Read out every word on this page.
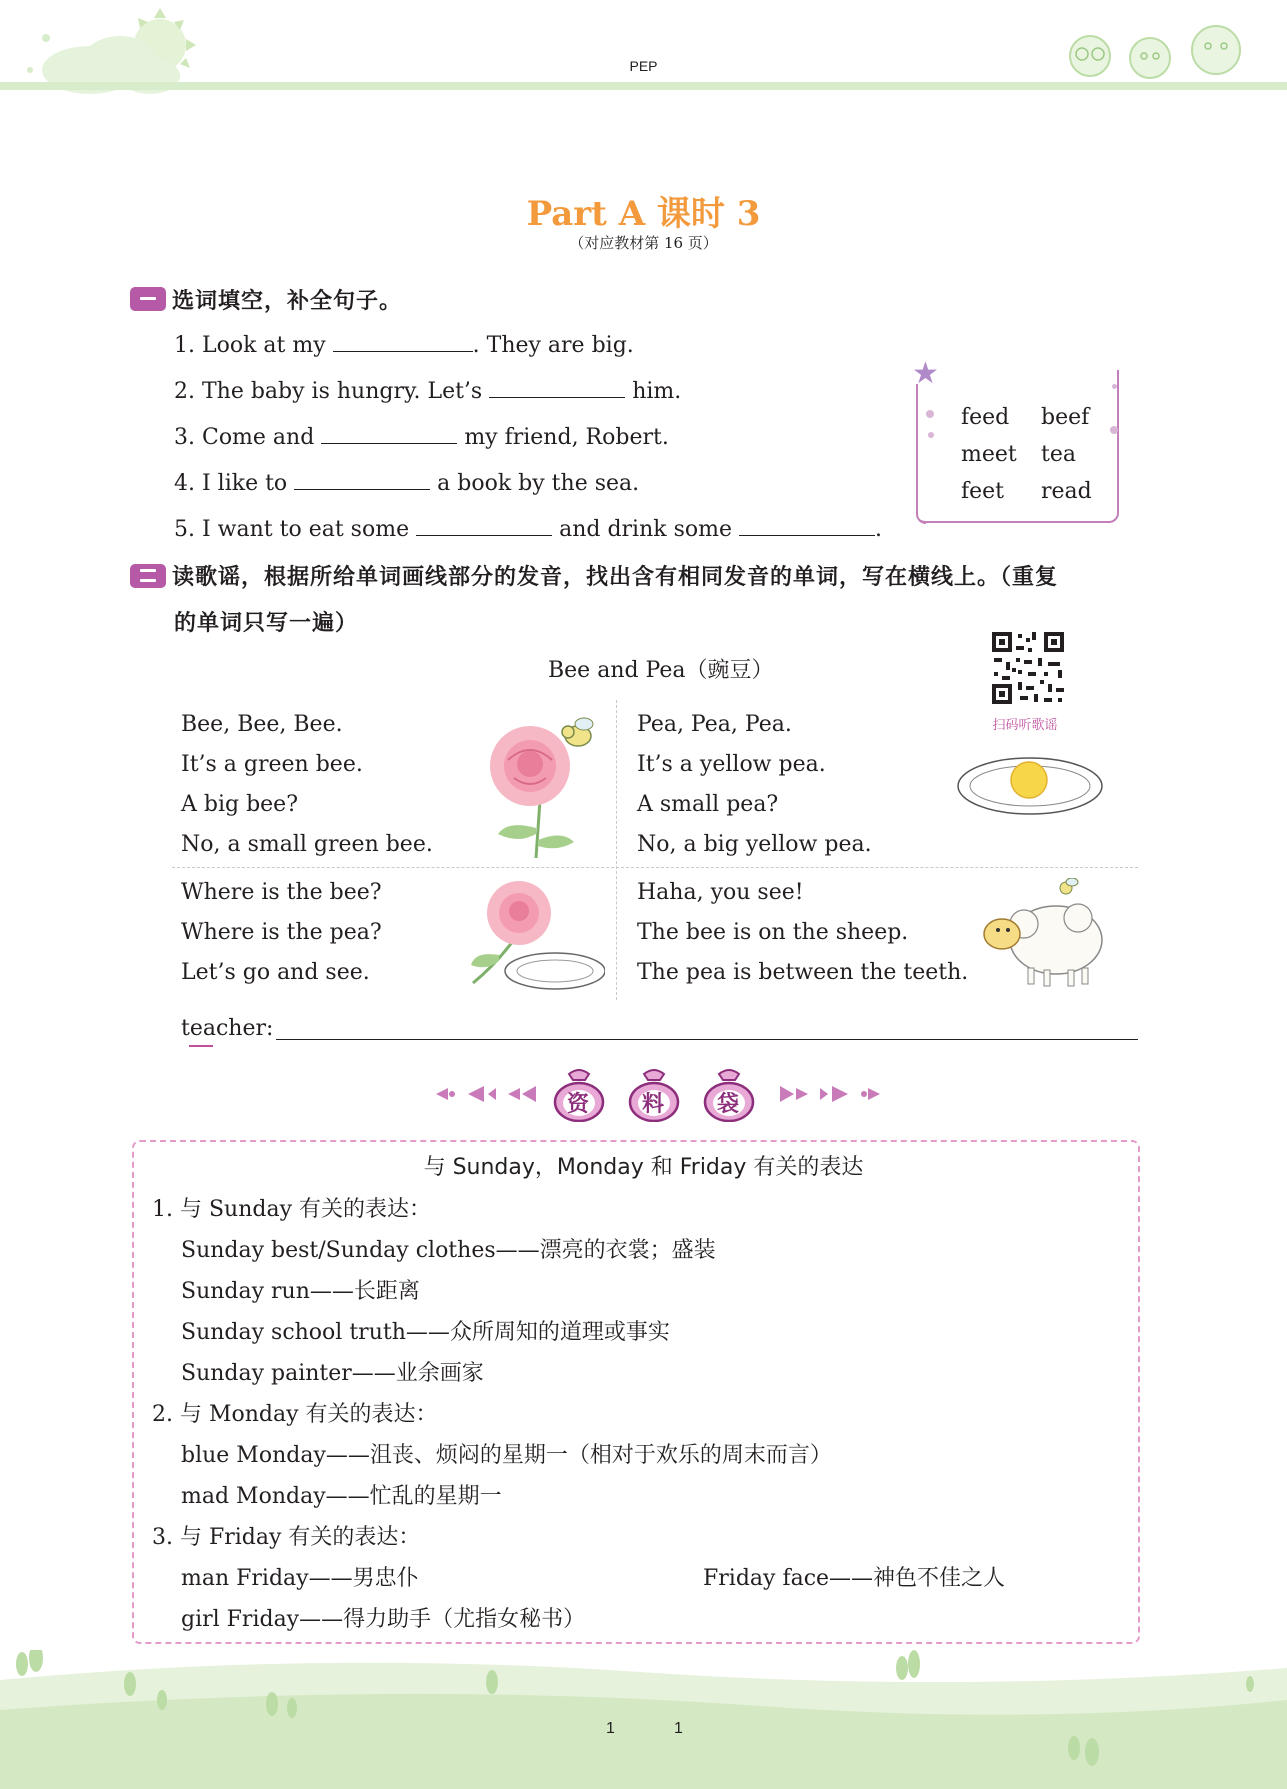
PEP
Part A 课时 3
（对应教材第 16 页）
选词填空，补全句子。
1. Look at my	. They are big.
2. The baby is hungry. Let’s	him.
3. Come and	my friend, Robert.
4. I like to	a book by the sea.
5. I want to eat some	and drink some	.
★
feed beef
meet tea
feet read
读歌谣，根据所给单词画线部分的发音，找出含有相同发音的单词，写在横线上。（重复
的单词只写一遍）
Bee and Pea（豌豆）
扫码听歌谣
Bee, Bee, Bee.
It’s a green bee.
A big bee?
No, a small green bee.
Pea, Pea, Pea.
It’s a yellow pea.
A small pea?
No, a big yellow pea.
Where is the bee?
Where is the pea?
Let’s go and see.
Haha, you see!
The bee is on the sheep.
The pea is between the teeth.
teacher:
资 料 袋
与 Sunday，Monday 和 Friday 有关的表达
1. 与 Sunday 有关的表达：
Sunday best/Sunday clothes——漂亮的衣裳；盛装
Sunday run——长距离
Sunday school truth——众所周知的道理或事实
Sunday painter——业余画家
2. 与 Monday 有关的表达：
blue Monday——沮丧、烦闷的星期一（相对于欢乐的周末而言）
mad Monday——忙乱的星期一
3. 与 Friday 有关的表达：
man Friday——男忠仆	Friday face——神色不佳之人
girl Friday——得力助手（尤指女秘书）
1	1
